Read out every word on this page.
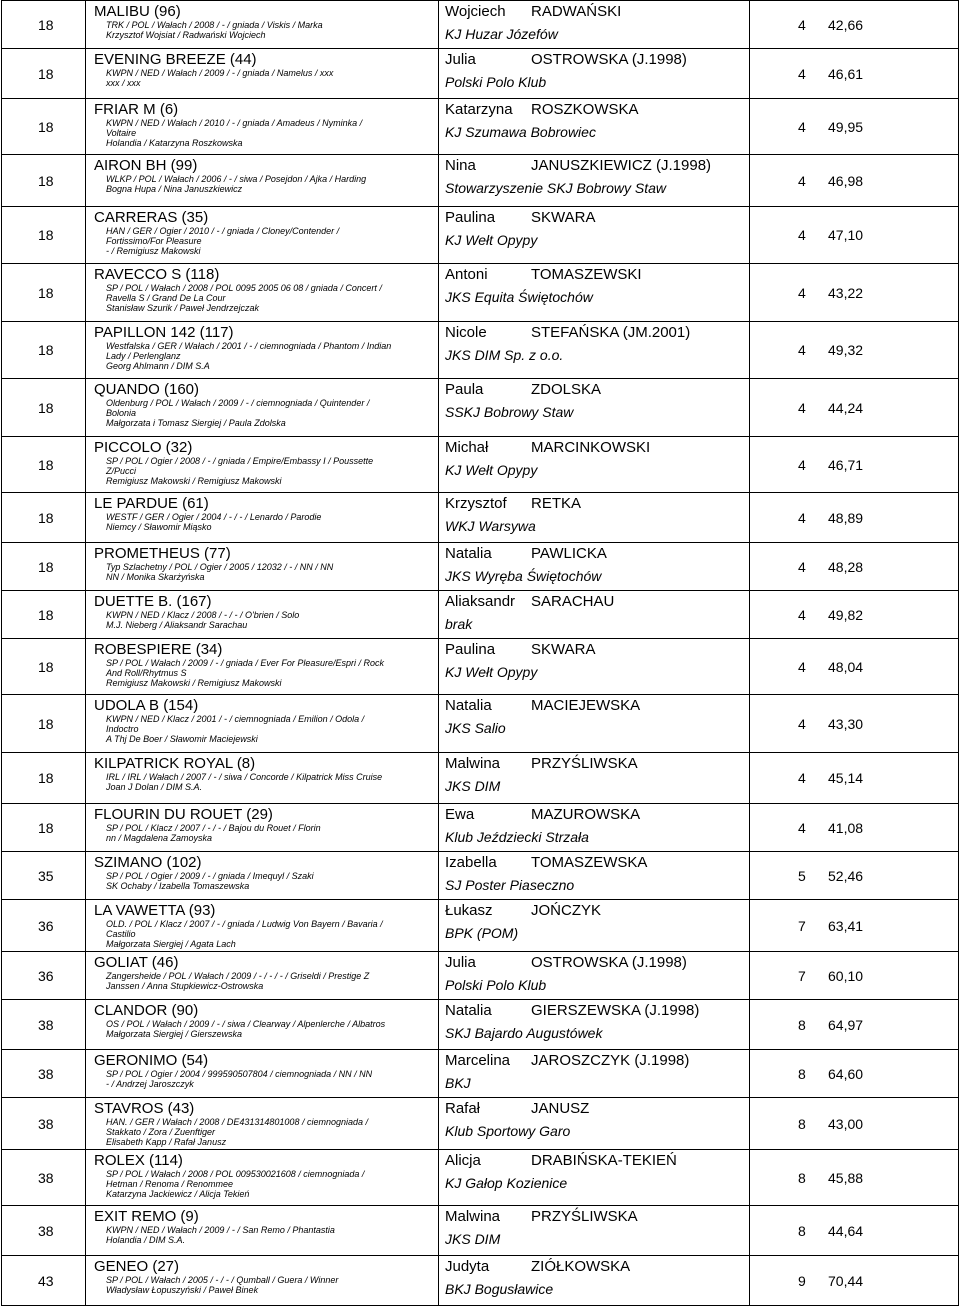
18	MALIBU (96)
TRK / POL / Wałach / 2008 / - / gniada / Viskis / Marka
Krzysztof Wojsiat / Radwański Wojciech	Wojciech RADWAŃSKI
KJ Huzar Józefów	4 42,66
18	EVENING BREEZE (44)
KWPN / NED / Wałach / 2009 / - / gniada / Namelus / xxx
xxx / xxx	Julia OSTROWSKA (J.1998)
Polski Polo Klub	4 46,61
18	FRIAR M (6)
KWPN / NED / Wałach / 2010 / - / gniada / Amadeus / Nyminka /
Voltaire
Holandia / Katarzyna Roszkowska	Katarzyna ROSZKOWSKA
KJ Szumawa Bobrowiec	4 49,95
18	AIRON BH (99)
WLKP / POL / Wałach / 2006 / - / siwa / Posejdon / Ajka / Harding
Bogna Hupa / Nina Januszkiewicz	Nina JANUSZKIEWICZ (J.1998)
Stowarzyszenie SKJ Bobrowy Staw	4 46,98
18	CARRERAS (35)
HAN / GER / Ogier / 2010 / - / gniada / Cloney/Contender /
Fortissimo/For Pleasure
- / Remigiusz Makowski	Paulina SKWARA
KJ Wełt Opypy	4 47,10
18	RAVECCO S (118)
SP / POL / Wałach / 2008 / POL 0095 2005 06 08 / gniada / Concert /
Ravella S / Grand De La Cour
Stanisław Szurik / Paweł Jendrzejczak	Antoni TOMASZEWSKI
JKS Equita Świętochów	4 43,22
18	PAPILLON 142 (117)
Westfalska / GER / Wałach / 2001 / - / ciemnogniada / Phantom / Indian
Lady / Perlenglanz
Georg Ahlmann / DIM S.A	Nicole STEFAŃSKA (JM.2001)
JKS DIM Sp. z o.o.	4 49,32
18	QUANDO (160)
Oldenburg / POL / Wałach / 2009 / - / ciemnogniada / Quintender /
Bolonia
Małgorzata i Tomasz Siergiej / Paula Zdolska	Paula ZDOLSKA
SSKJ Bobrowy Staw	4 44,24
18	PICCOLO (32)
SP / POL / Ogier / 2008 / - / gniada / Empire/Embassy I / Poussette
Z/Pucci
Remigiusz Makowski / Remigiusz Makowski	Michał MARCINKOWSKI
KJ Wełt Opypy	4 46,71
18	LE PARDUE (61)
WESTF / GER / Ogier / 2004 / - / - / Lenardo / Parodie
Niemcy / Sławomir Miąsko	Krzysztof RETKA
WKJ Warsywa	4 48,89
18	PROMETHEUS (77)
Typ Szlachetny / POL / Ogier / 2005 / 12032 / - / NN / NN
NN / Monika Skarżyńska	Natalia PAWLICKA
JKS Wyręba Świętochów	4 48,28
18	DUETTE B. (167)
KWPN / NED / Klacz / 2008 / - / - / O'brien / Solo
M.J. Nieberg / Aliaksandr Sarachau	Aliaksandr SARACHAU
brak	4 49,82
18	ROBESPIERE (34)
SP / POL / Wałach / 2009 / - / gniada / Ever For Pleasure/Espri / Rock
And Roll/Rhytmus S
Remigiusz Makowski / Remigiusz Makowski	Paulina SKWARA
KJ Wełt Opypy	4 48,04
18	UDOLA B (154)
KWPN / NED / Klacz / 2001 / - / ciemnogniada / Emilion / Odola /
Indoctro
A Thj De Boer / Sławomir Maciejewski	Natalia MACIEJEWSKA
JKS Salio	4 43,30
18	KILPATRICK ROYAL (8)
IRL / IRL / Wałach / 2007 / - / siwa / Concorde / Kilpatrick Miss Cruise
Joan J Dolan / DIM S.A.	Malwina PRZYŚLIWSKA
JKS DIM	4 45,14
18	FLOURIN DU ROUET (29)
SP / POL / Klacz / 2007 / - / - / Bajou du Rouet / Florin
nn / Magdalena Zamoyska	Ewa MAZUROWSKA
Klub Jeździecki Strzała	4 41,08
35	SZIMANO (102)
SP / POL / Ogier / 2009 / - / gniada / Imequyl / Szaki
SK Ochaby / Izabella Tomaszewska	Izabella TOMASZEWSKA
SJ Poster Piaseczno	5 52,46
36	LA VAWETTA (93)
OLD. / POL / Klacz / 2007 / - / gniada / Ludwig Von Bayern / Bavaria /
Castilio
Małgorzata Siergiej / Agata Lach	Łukasz JOŃCZYK
BPK (POM)	7 63,41
36	GOLIAT (46)
Zangersheide / POL / Wałach / 2009 / - / - / - / Griseldi / Prestige Z
Janssen / Anna Stupkiewicz-Ostrowska	Julia OSTROWSKA (J.1998)
Polski Polo Klub	7 60,10
38	CLANDOR (90)
OS / POL / Wałach / 2009 / - / siwa / Clearway / Alpenlerche / Albatros
Małgorzata Siergiej / Gierszewska	Natalia GIERSZEWSKA (J.1998)
SKJ Bajardo Augustówek	8 64,97
38	GERONIMO (54)
SP / POL / Ogier / 2004 / 999590507804 / ciemnogniada / NN / NN
- / Andrzej Jaroszczyk	Marcelina JAROSZCZYK (J.1998)
BKJ	8 64,60
38	STAVROS (43)
HAN. / GER / Wałach / 2008 / DE431314801008 / ciemnogniada /
Stakkato / Zora / Zuenftiger
Elisabeth Kapp / Rafał Janusz	Rafał JANUSZ
Klub Sportowy Garo	8 43,00
38	ROLEX (114)
SP / POL / Wałach / 2008 / POL 009530021608 / ciemnogniada /
Hetman / Renoma / Renommee
Katarzyna Jackiewicz / Alicja Tekień	Alicja DRABIŃSKA-TEKIEŃ
KJ Gałop Kozienice	8 45,88
38	EXIT REMO (9)
KWPN / NED / Wałach / 2009 / - / San Remo / Phantastia
Holandia / DIM S.A.	Malwina PRZYŚLIWSKA
JKS DIM	8 44,64
43	GENEO (27)
SP / POL / Wałach / 2005 / - / - / Qumball / Guera / Winner
Władysław Łopuszyński / Paweł Binek	Judyta ZIÓŁKOWSKA
BKJ Bogusławice	9 70,44
